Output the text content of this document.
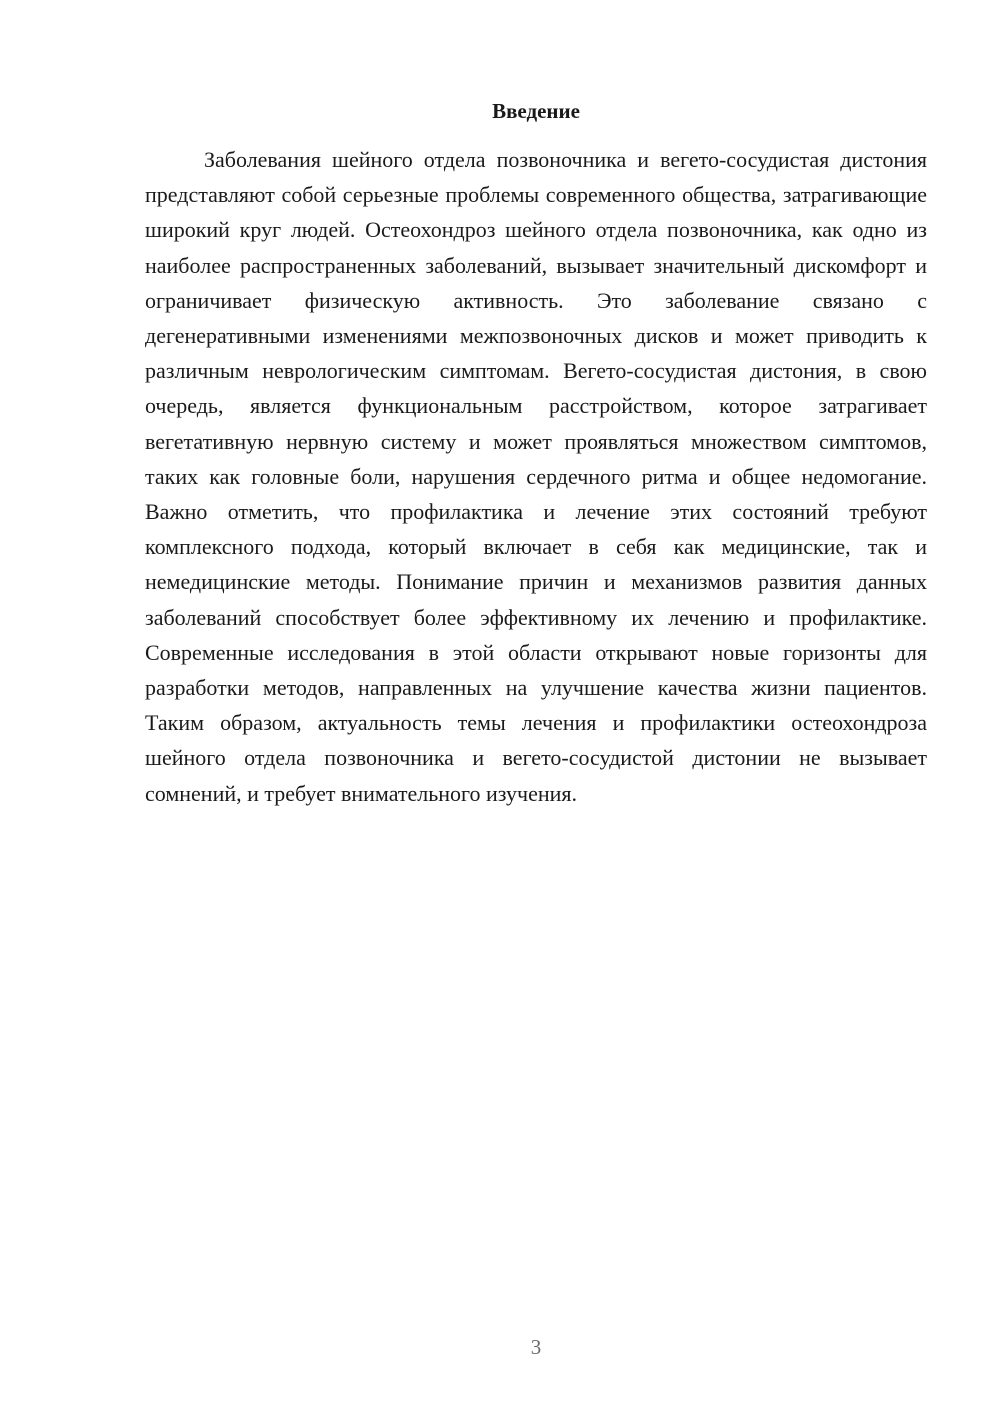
Введение

Заболевания шейного отдела позвоночника и вегето-сосудистая дистония представляют собой серьезные проблемы современного общества, затрагивающие широкий круг людей. Остеохондроз шейного отдела позвоночника, как одно из наиболее распространенных заболеваний, вызывает значительный дискомфорт и ограничивает физическую активность. Это заболевание связано с дегенеративными изменениями межпозвоночных дисков и может приводить к различным неврологическим симптомам. Вегето-сосудистая дистония, в свою очередь, является функциональным расстройством, которое затрагивает вегетативную нервную систему и может проявляться множеством симптомов, таких как головные боли, нарушения сердечного ритма и общее недомогание. Важно отметить, что профилактика и лечение этих состояний требуют комплексного подхода, который включает в себя как медицинские, так и немедицинские методы. Понимание причин и механизмов развития данных заболеваний способствует более эффективному их лечению и профилактике. Современные исследования в этой области открывают новые горизонты для разработки методов, направленных на улучшение качества жизни пациентов. Таким образом, актуальность темы лечения и профилактики остеохондроза шейного отдела позвоночника и вегето-сосудистой дистонии не вызывает сомнений, и требует внимательного изучения.

3
